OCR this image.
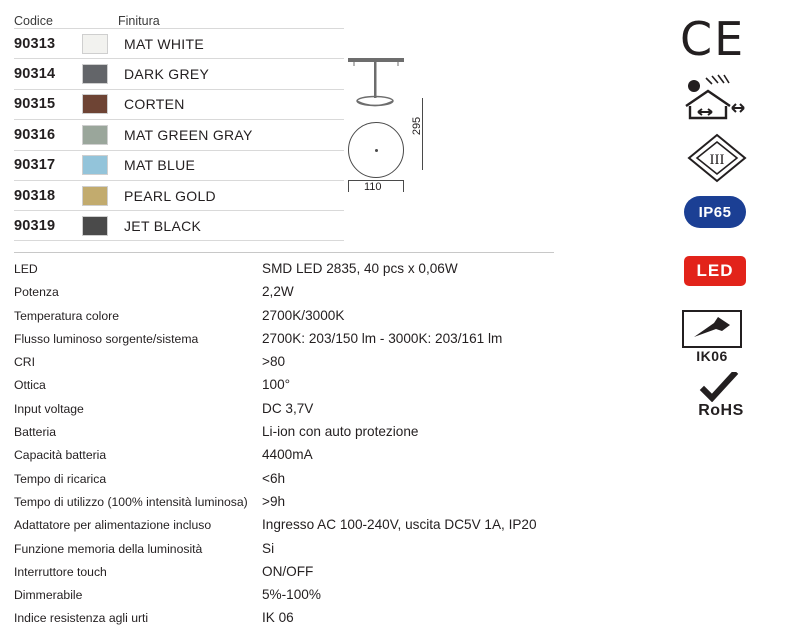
Codice	Finitura
90313	MAT WHITE
90314	DARK GREY
90315	CORTEN
90316	MAT GREEN GRAY
90317	MAT BLUE
90318	PEARL GOLD
90319	JET BLACK
295
110
LED	SMD LED 2835, 40 pcs x 0,06W
Potenza	2,2W
Temperatura colore	2700K/3000K
Flusso luminoso sorgente/sistema	2700K: 203/150 lm - 3000K: 203/161 lm
CRI	>80
Ottica	100°
Input voltage	DC 3,7V
Batteria	Li-ion con auto protezione
Capacità batteria	4400mA
Tempo di ricarica	<6h
Tempo di utilizzo (100% intensità luminosa)	>9h
Adattatore per alimentazione incluso	Ingresso AC 100-240V, uscita DC5V 1A, IP20
Funzione memoria della luminosità	Si
Interruttore touch	ON/OFF
Dimmerabile	5%-100%
Indice resistenza agli urti	IK 06
CE
III
IP65
LED
IK06
RoHS
